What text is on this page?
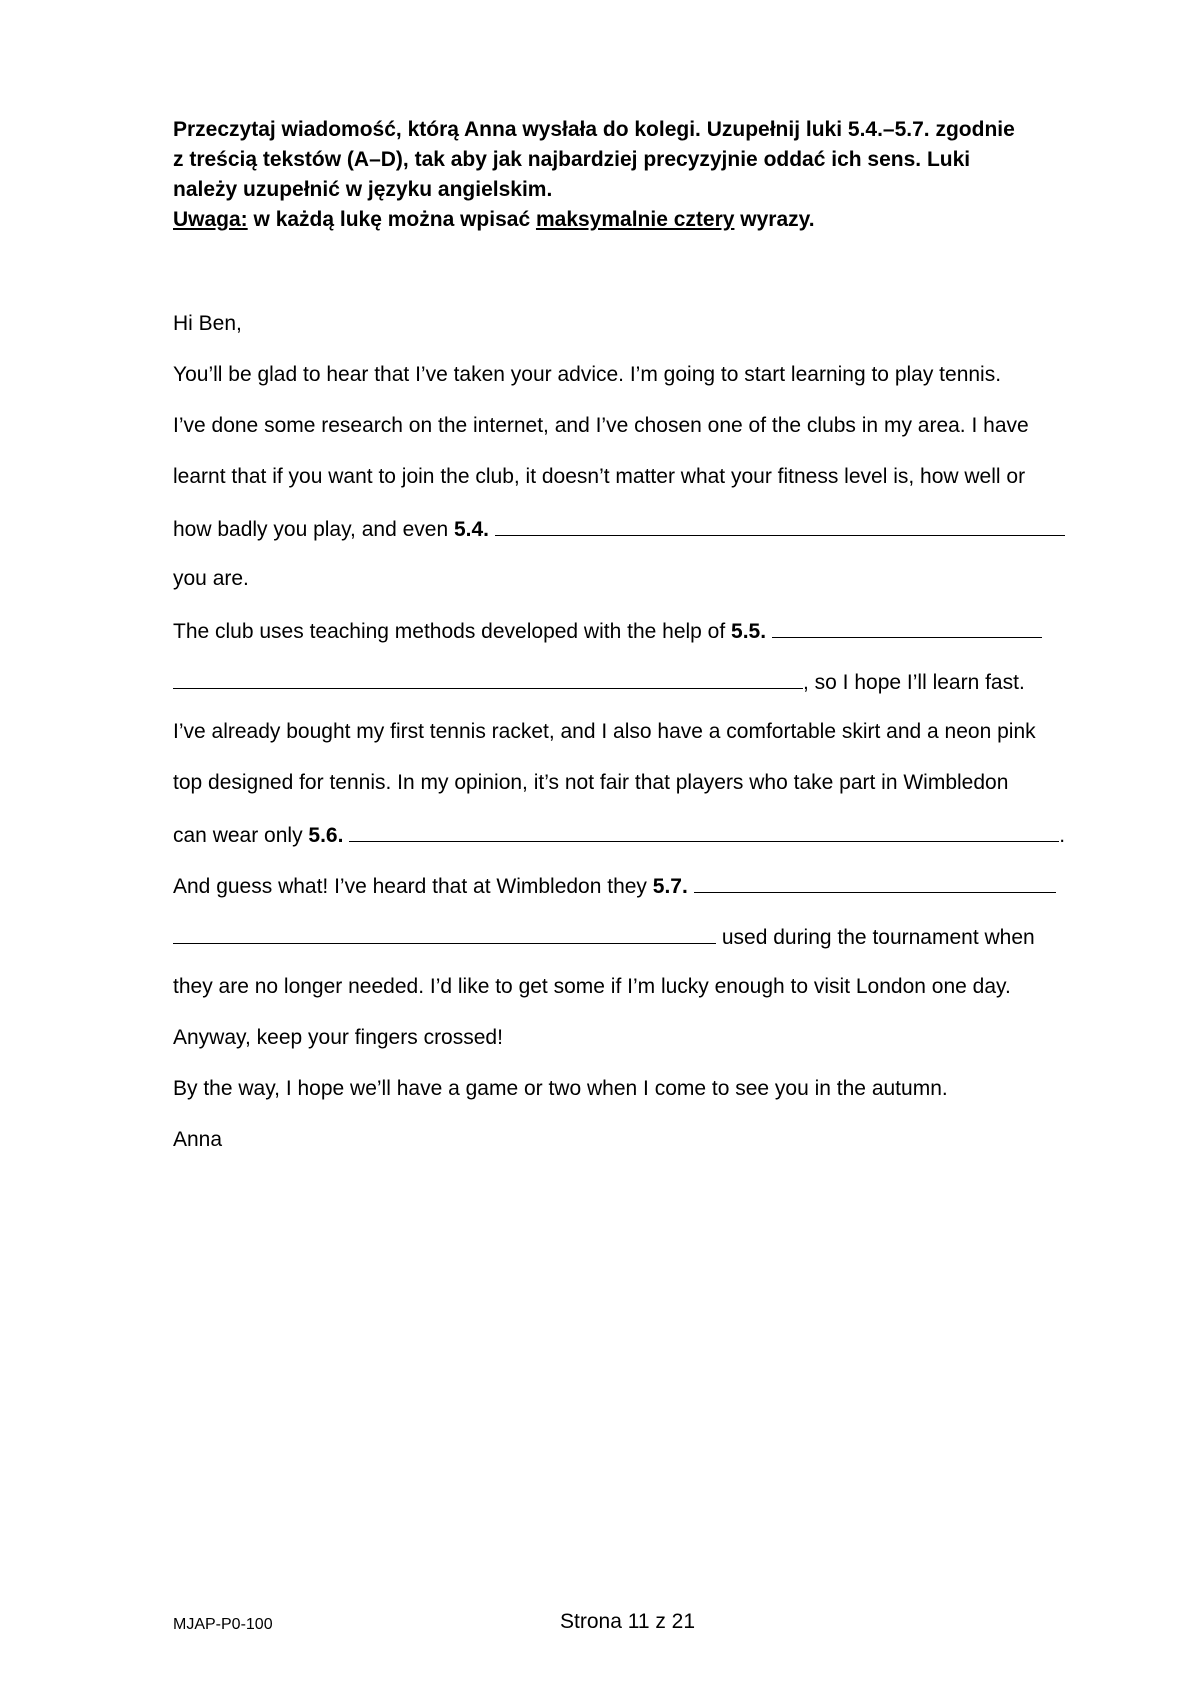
Przeczytaj wiadomość, którą Anna wysłała do kolegi. Uzupełnij luki 5.4.–5.7. zgodnie

z treścią tekstów (A–D), tak aby jak najbardziej precyzyjnie oddać ich sens. Luki

należy uzupełnić w języku angielskim.

Uwaga: w każdą lukę można wpisać maksymalnie cztery wyrazy.

Hi Ben,
You’ll be glad to hear that I’ve taken your advice. I’m going to start learning to play tennis.
I’ve done some research on the internet, and I’ve chosen one of the clubs in my area. I have
learnt that if you want to join the club, it doesn’t matter what your fitness level is, how well or
how badly you play, and even 5.4.
you are.
The club uses teaching methods developed with the help of 5.5.
, so I hope I’ll learn fast.
I’ve already bought my first tennis racket, and I also have a comfortable skirt and a neon pink
top designed for tennis. In my opinion, it’s not fair that players who take part in Wimbledon
can wear only 5.6.	.
And guess what! I’ve heard that at Wimbledon they 5.7.
used during the tournament when
they are no longer needed. I’d like to get some if I’m lucky enough to visit London one day.
Anyway, keep your fingers crossed!
By the way, I hope we’ll have a game or two when I come to see you in the autumn.
Anna
MJAP-P0-100	Strona 11 z 21
